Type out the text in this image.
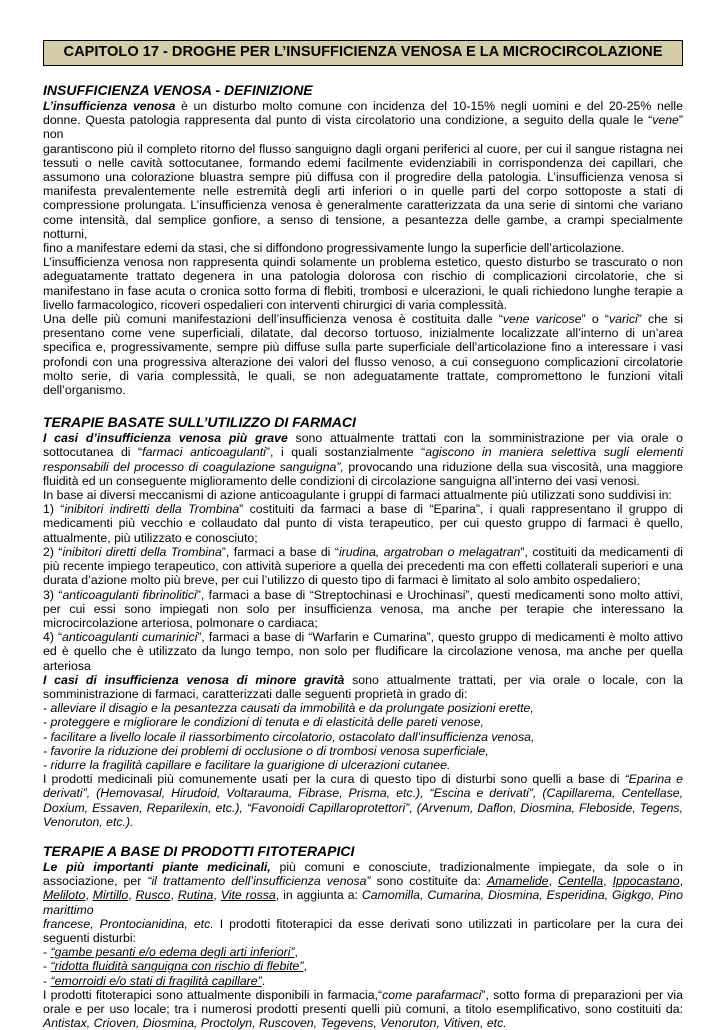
CAPITOLO 17 - DROGHE PER L’INSUFFICIENZA VENOSA E LA MICROCIRCOLAZIONE
INSUFFICIENZA VENOSA - DEFINIZIONE
L’insufficienza venosa è un disturbo molto comune con incidenza del 10-15% negli uomini e del 20-25% nelle
donne. Questa patologia rappresenta dal punto di vista circolatorio una condizione, a seguito della quale le “vene” non
garantiscono più il completo ritorno del flusso sanguigno dagli organi periferici al cuore, per cui il sangue ristagna nei
tessuti o nelle cavità sottocutanee, formando edemi facilmente evidenziabili in corrispondenza dei capillari, che
assumono una colorazione bluastra sempre più diffusa con il progredire della patologia. L’insufficienza venosa si
manifesta prevalentemente nelle estremità degli arti inferiori o in quelle parti del corpo sottoposte a stati di
compressione prolungata. L’insufficienza venosa è generalmente caratterizzata da una serie di sintomi che variano
come intensità, dal semplice gonfiore, a senso di tensione, a pesantezza delle gambe, a crampi specialmente notturni,
fino a manifestare edemi da stasi, che si diffondono progressivamente lungo la superficie dell’articolazione.
L’insufficienza venosa non rappresenta quindi solamente un problema estetico, questo disturbo se trascurato o non
adeguatamente trattato degenera in una patologia dolorosa con rischio di complicazioni circolatorie, che si
manifestano in fase acuta o cronica sotto forma di flebiti, trombosi e ulcerazioni, le quali richiedono lunghe terapie a
livello farmacologico, ricoveri ospedalieri con interventi chirurgici di varia complessità.
Una delle più comuni manifestazioni dell’insufficienza venosa è costituita dalle “vene varicose” o “varici” che si
presentano come vene superficiali, dilatate, dal decorso tortuoso, inizialmente localizzate all’interno di un’area
specifica e, progressivamente, sempre più diffuse sulla parte superficiale dell’articolazione fino a interessare i vasi
profondi con una progressiva alterazione dei valori del flusso venoso, a cui conseguono complicazioni circolatorie
molto serie, di varia complessità, le quali, se non adeguatamente trattate, compromettono le funzioni vitali
dell’organismo.
TERAPIE BASATE SULL’UTILIZZO DI FARMACI
I casi d’insufficienza venosa più grave sono attualmente trattati con la somministrazione per via orale o
sottocutanea di “farmaci anticoagulanti”, i quali sostanzialmente “agiscono in maniera selettiva sugli elementi
responsabili del processo di coagulazione sanguigna”, provocando una riduzione della sua viscosità, una maggiore
fluidità ed un conseguente miglioramento delle condizioni di circolazione sanguigna all’interno dei vasi venosi.
In base ai diversi meccanismi di azione anticoagulante i gruppi di farmaci attualmente più utilizzati sono suddivisi in:
1) “inibitori indiretti della Trombina” costituiti da farmaci a base di “Eparina”, i quali rappresentano il gruppo di
medicamenti più vecchio e collaudato dal punto di vista terapeutico, per cui questo gruppo di farmaci è quello,
attualmente, più utilizzato e conosciuto;
2) “inibitori diretti della Trombina”, farmaci a base di “irudina, argatroban o melagatran”, costituiti da medicamenti di
più recente impiego terapeutico, con attività superiore a quella dei precedenti ma con effetti collaterali superiori e una
durata d’azione molto più breve, per cui l’utilizzo di questo tipo di farmaci è limitato al solo ambito ospedaliero;
3) “anticoagulanti fibrinolitici”, farmaci a base di “Streptochinasi e Urochinasi”, questi medicamenti sono molto attivi,
per cui essi sono impiegati non solo per insufficienza venosa, ma anche per terapie che interessano la
microcircolazione arteriosa, polmonare o cardiaca;
4) “anticoagulanti cumarinici”, farmaci a base di “Warfarin e Cumarina”, questo gruppo di medicamenti è molto attivo
ed è quello che è utilizzato da lungo tempo, non solo per fludificare la circolazione venosa, ma anche per quella
arteriosa
I casi di insufficienza venosa di minore gravità sono attualmente trattati, per via orale o locale, con la
somministrazione di farmaci, caratterizzati dalle seguenti proprietà in grado di:
- alleviare il disagio e la pesantezza causati da immobilità e da prolungate posizioni erette,
- proteggere e migliorare le condizioni di tenuta e di elasticità delle pareti venose,
- facilitare a livello locale il riassorbimento circolatorio, ostacolato dall’insufficienza venosa,
- favorire la riduzione dei problemi di occlusione o di trombosi venosa superficiale,
- ridurre la fragilità capillare e facilitare la guarigione di ulcerazioni cutanee.
I prodotti medicinali più comunemente usati per la cura di questo tipo di disturbi sono quelli a base di “Eparina e
derivati”, (Hemovasal, Hirudoid, Voltarauma, Fibrase, Prisma, etc.), “Escina e derivati”, (Capillarema, Centellase,
Doxium, Essaven, Reparilexin, etc.), “Favonoidi Capillaroprotettori”, (Arvenum, Daflon, Diosmina, Fleboside, Tegens,
Venoruton, etc.).
TERAPIE A BASE DI PRODOTTI FITOTERAPICI
Le più importanti piante medicinali, più comuni e conosciute, tradizionalmente impiegate, da sole o in
associazione, per “il trattamento dell’insufficienza venosa” sono costituite da: Amamelide, Centella, Ippocastano,
Meliloto, Mirtillo, Rusco, Rutina, Vite rossa, in aggiunta a: Camomilla, Cumarina, Diosmina, Esperidina, Gigkgo, Pino marittimo
francese, Prontocianidina, etc. I prodotti fitoterapici da esse derivati sono utilizzati in particolare per la cura dei
seguenti disturbi:
- “gambe pesanti e/o edema degli arti inferiori”,
- “ridotta fluidità sanguigna con rischio di flebite”,
- “emorroidi e/o stati di fragilità capillare”.
I prodotti fitoterapici sono attualmente disponibili in farmacia,“come parafarmaci”, sotto forma di preparazioni per via
orale e per uso locale; tra i numerosi prodotti presenti quelli più comuni, a titolo esemplificativo, sono costituiti da:
Antistax, Crioven, Diosmina, Proctolyn, Ruscoven, Tegevens, Venoruton, Vitiven, etc.
